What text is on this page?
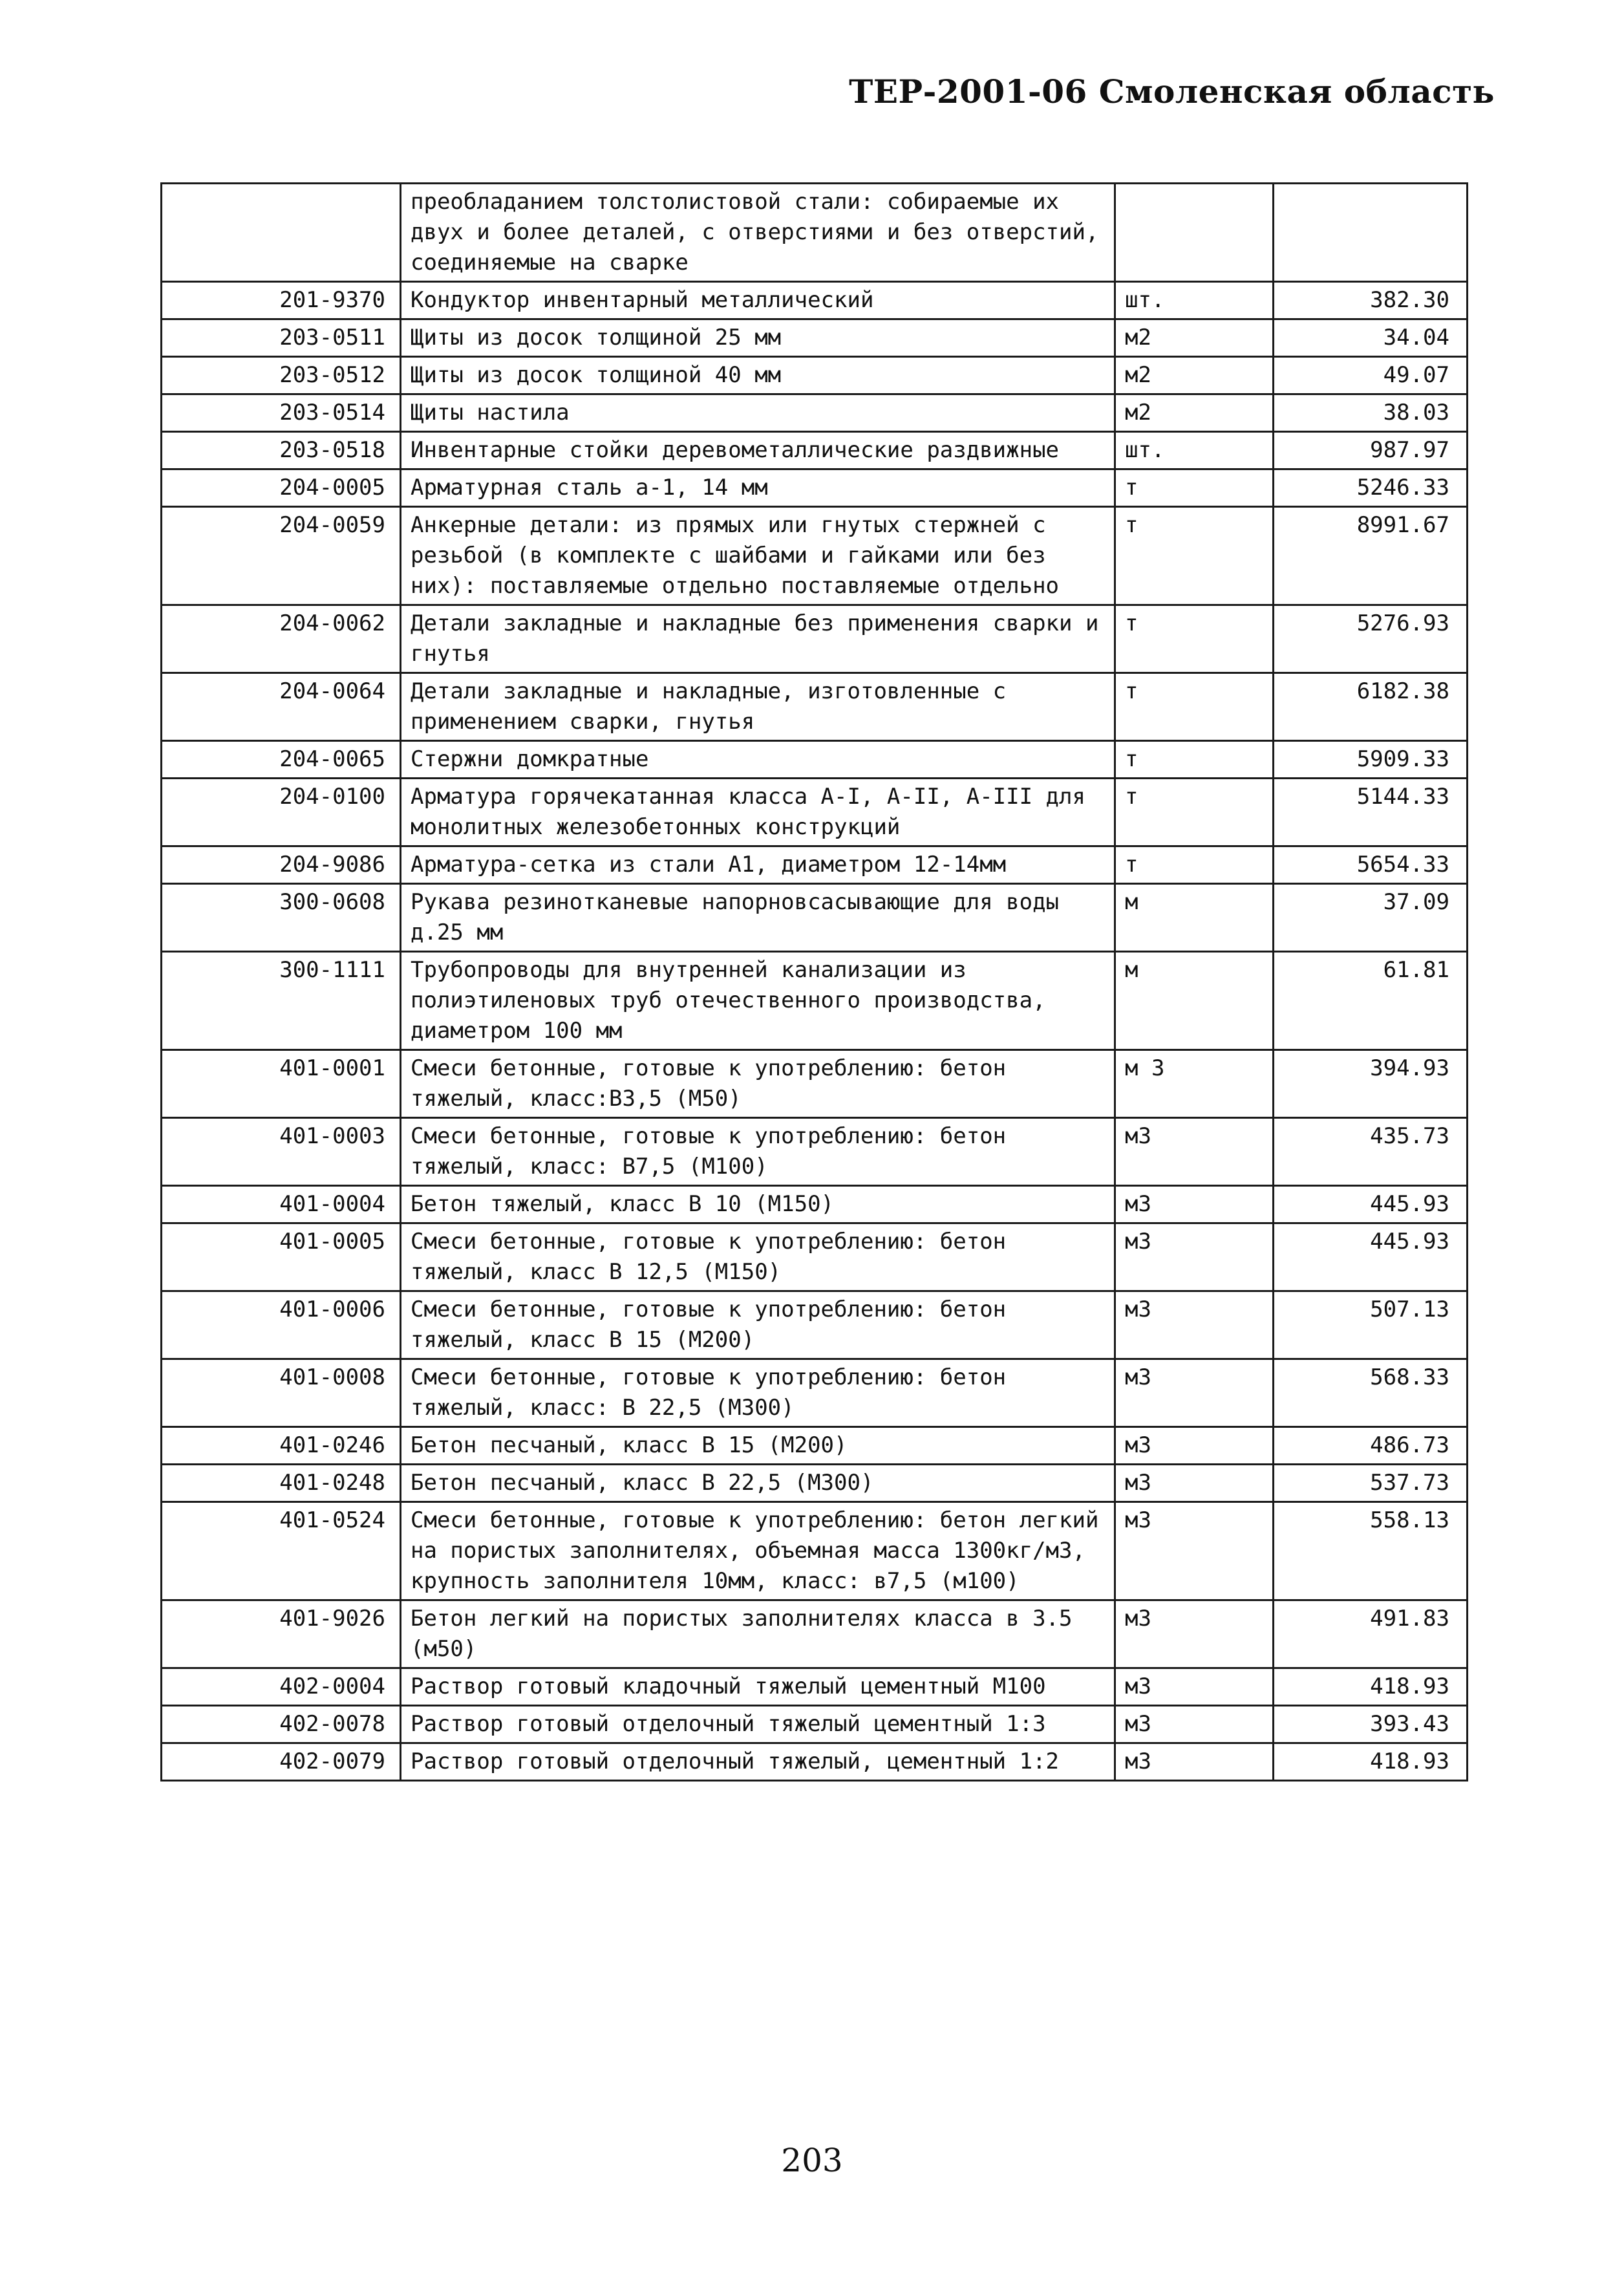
ТЕР-2001-06 Смоленская область
	преобладанием толстолистовой стали: собираемые их двух и более деталей, с отверстиями и без отверстий, соединяемые на сварке		
201-9370	Кондуктор инвентарный металлический	шт.	382.30
203-0511	Щиты из досок толщиной 25 мм	м2	34.04
203-0512	Щиты из досок толщиной 40 мм	м2	49.07
203-0514	Щиты настила	м2	38.03
203-0518	Инвентарные стойки деревометаллические раздвижные	шт.	987.97
204-0005	Арматурная сталь а-1, 14 мм	т	5246.33
204-0059	Анкерные детали: из прямых или гнутых стержней с резьбой (в комплекте с шайбами и гайками или без них): поставляемые отдельно поставляемые отдельно	т	8991.67
204-0062	Детали закладные и накладные без применения сварки и гнутья	т	5276.93
204-0064	Детали закладные и накладные, изготовленные с применением сварки, гнутья	т	6182.38
204-0065	Стержни домкратные	т	5909.33
204-0100	Арматура горячекатанная класса А-I, А-II, А-III для монолитных железобетонных конструкций	т	5144.33
204-9086	Арматура-сетка из стали А1, диаметром 12-14мм	т	5654.33
300-0608	Рукава резинотканевые напорновсасывающие для воды д.25 мм	м	37.09
300-1111	Трубопроводы для внутренней канализации из полиэтиленовых труб отечественного производства, диаметром 100 мм	м	61.81
401-0001	Смеси бетонные, готовые к употреблению: бетон тяжелый, класс:В3,5 (М50)	м 3	394.93
401-0003	Смеси бетонные, готовые к употреблению: бетон тяжелый, класс: В7,5 (М100)	м3	435.73
401-0004	Бетон тяжелый, класс В 10 (М150)	м3	445.93
401-0005	Смеси бетонные, готовые к употреблению: бетон тяжелый, класс В 12,5 (М150)	м3	445.93
401-0006	Смеси бетонные, готовые к употреблению: бетон тяжелый, класс В 15 (М200)	м3	507.13
401-0008	Смеси бетонные, готовые к употреблению: бетон тяжелый, класс: В 22,5 (М300)	м3	568.33
401-0246	Бетон песчаный, класс В 15 (М200)	м3	486.73
401-0248	Бетон песчаный, класс В 22,5 (М300)	м3	537.73
401-0524	Смеси бетонные, готовые к употреблению: бетон легкий на пористых заполнителях, объемная масса 1300кг/м3, крупность заполнителя 10мм, класс: в7,5 (м100)	м3	558.13
401-9026	Бетон легкий на пористых заполнителях класса в 3.5 (м50)	м3	491.83
402-0004	Раствор готовый кладочный тяжелый цементный М100	м3	418.93
402-0078	Раствор готовый отделочный тяжелый цементный 1:3	м3	393.43
402-0079	Раствор готовый отделочный тяжелый, цементный 1:2	м3	418.93
203
